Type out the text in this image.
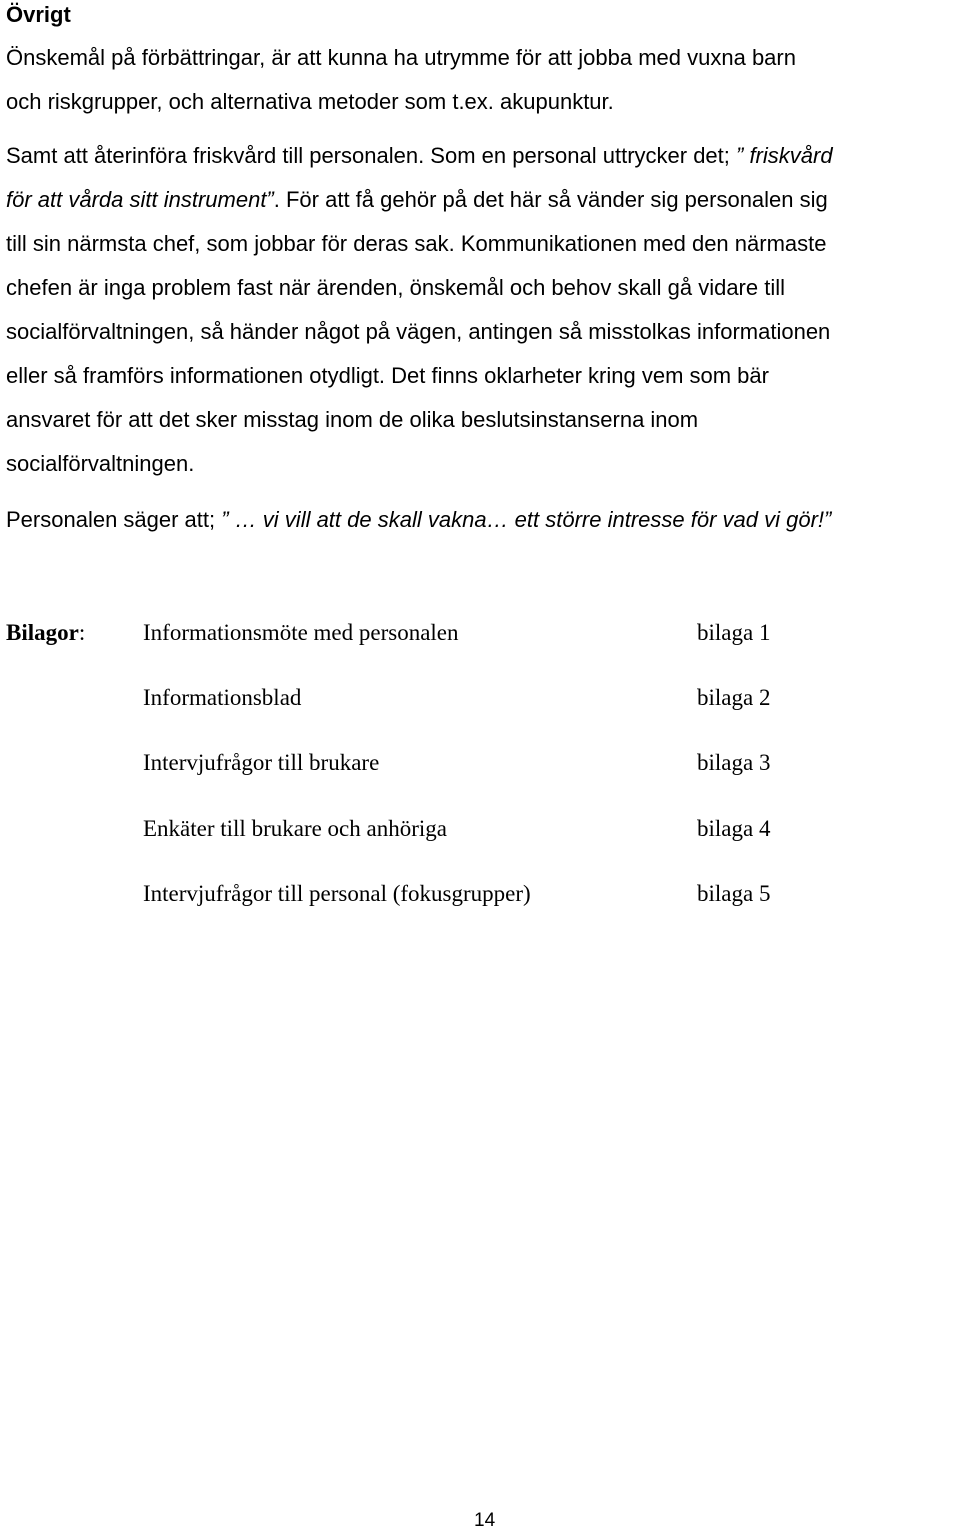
Övrigt

Önskemål på förbättringar, är att kunna ha utrymme för att jobba med vuxna barn
och riskgrupper, och alternativa metoder som t.ex. akupunktur.

Samt att återinföra friskvård till personalen. Som en personal uttrycker det; ” friskvård
för att vårda sitt instrument”. För att få gehör på det här så vänder sig personalen sig
till sin närmsta chef, som jobbar för deras sak. Kommunikationen med den närmaste
chefen är inga problem fast när ärenden, önskemål och behov skall gå vidare till
socialförvaltningen, så händer något på vägen, antingen så misstolkas informationen
eller så framförs informationen otydligt. Det finns oklarheter kring vem som bär
ansvaret för att det sker misstag inom de olika beslutsinstanserna inom
socialförvaltningen.

Personalen säger att; ” … vi vill att de skall vakna… ett större intresse för vad vi gör!”

Bilagor:	Informationsmöte med personalen	bilaga 1
Informationsblad	bilaga 2
Intervjufrågor till brukare	bilaga 3
Enkäter till brukare och anhöriga	bilaga 4
Intervjufrågor till personal (fokusgrupper)	bilaga 5
14
